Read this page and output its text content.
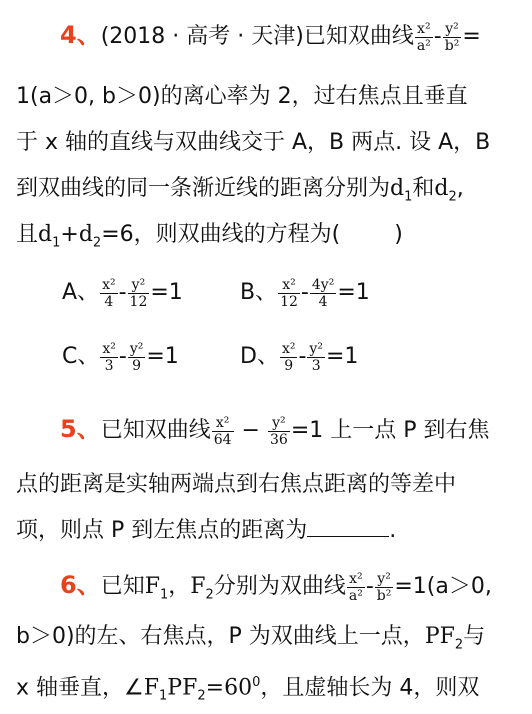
4、(2018 · 高考 · 天津)已知双曲线 $\frac{\text{x²}}{\text{a²}} - \frac{\text{y²}}{\text{b²}}$ =
1(a＞0, b＞0)的离心率为 2，过右焦点且垂直
于 x 轴的直线与双曲线交于 A，B 两点. 设 A，B
到双曲线的同一条渐近线的距离分别为$d_1$和$d_2$,
且$d_1+d_2=6$，则双曲线的方程为( )
A、 $\frac{\text{x²}}{4} - \frac{\text{y²}}{12} =1$	B、 $\frac{\text{x²}}{12} - \frac{\text{4y²}}{4} =1$
C、 $\frac{\text{x²}}{3} - \frac{\text{y²}}{9} =1$	D、 $\frac{\text{x²}}{9} - \frac{\text{y²}}{3} =1$
5、已知双曲线 $\frac{\text{x²}}{64} - \frac{\text{y²}}{36} =1$ 上一点 P 到右焦
点的距离是实轴两端点到右焦点距离的等差中
项，则点 P 到左焦点的距离为	.
6、已知$F_1$，$F_2$分别为双曲线 $\frac{\text{x²}}{\text{a²}} - \frac{\text{y²}}{\text{b²}} =1(a>0$,
b＞0)的左、右焦点，P 为双曲线上一点，$PF_2$与
x 轴垂直，$\angle F_1PF_2=60^0$，且虚轴长为 4，则双
